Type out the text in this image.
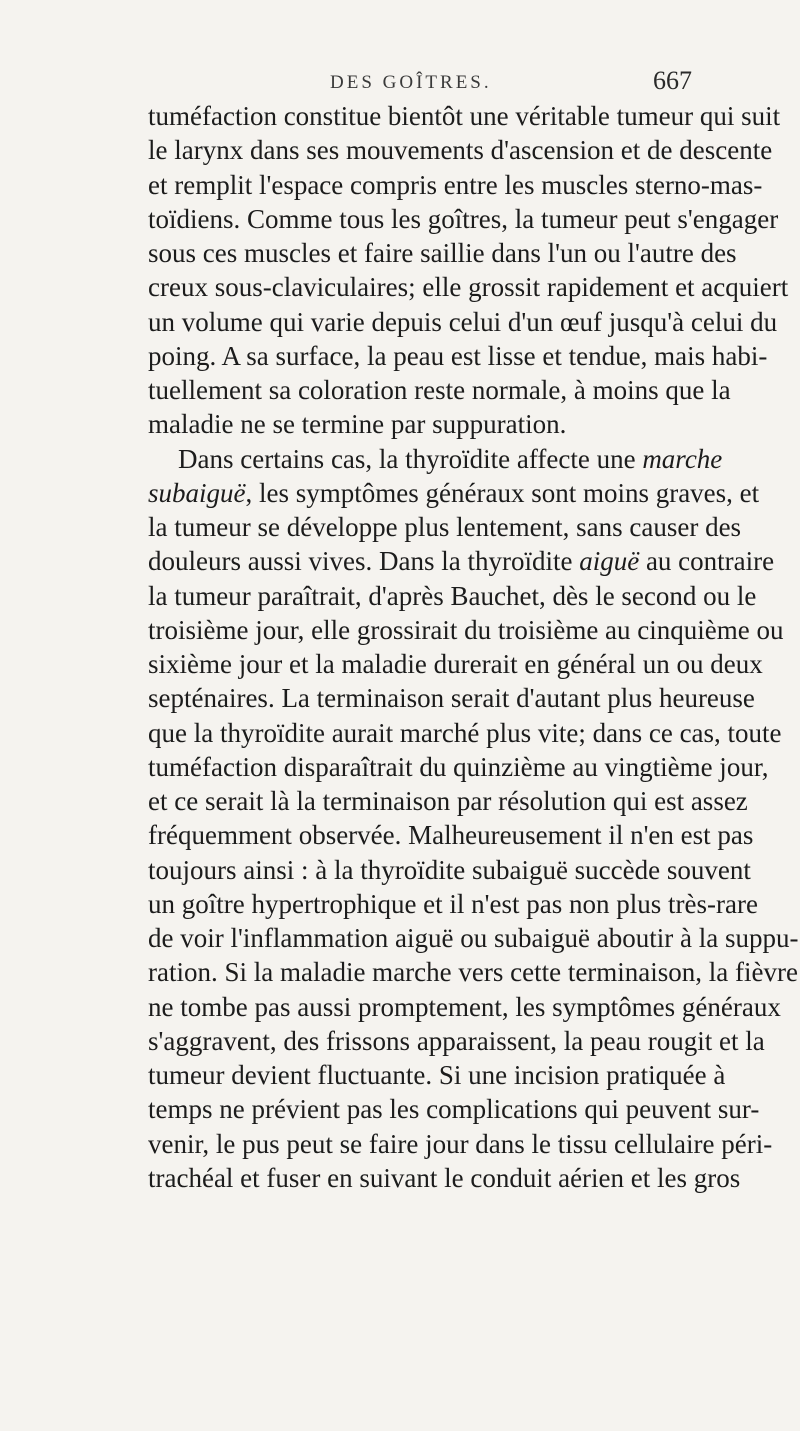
DES GOÎTRES.	667
tuméfaction constitue bientôt une véritable tumeur qui suit
le larynx dans ses mouvements d'ascension et de descente
et remplit l'espace compris entre les muscles sterno-mas-
toïdiens. Comme tous les goîtres, la tumeur peut s'engager
sous ces muscles et faire saillie dans l'un ou l'autre des
creux sous-claviculaires; elle grossit rapidement et acquiert
un volume qui varie depuis celui d'un œuf jusqu'à celui du
poing. A sa surface, la peau est lisse et tendue, mais habi-
tuellement sa coloration reste normale, à moins que la
maladie ne se termine par suppuration.
Dans certains cas, la thyroïdite affecte une marche
subaiguë, les symptômes généraux sont moins graves, et
la tumeur se développe plus lentement, sans causer des
douleurs aussi vives. Dans la thyroïdite aiguë au contraire
la tumeur paraîtrait, d'après Bauchet, dès le second ou le
troisième jour, elle grossirait du troisième au cinquième ou
sixième jour et la maladie durerait en général un ou deux
septénaires. La terminaison serait d'autant plus heureuse
que la thyroïdite aurait marché plus vite; dans ce cas, toute
tuméfaction disparaîtrait du quinzième au vingtième jour,
et ce serait là la terminaison par résolution qui est assez
fréquemment observée. Malheureusement il n'en est pas
toujours ainsi : à la thyroïdite subaiguë succède souvent
un goître hypertrophique et il n'est pas non plus très-rare
de voir l'inflammation aiguë ou subaiguë aboutir à la suppu-
ration. Si la maladie marche vers cette terminaison, la fièvre
ne tombe pas aussi promptement, les symptômes généraux
s'aggravent, des frissons apparaissent, la peau rougit et la
tumeur devient fluctuante. Si une incision pratiquée à
temps ne prévient pas les complications qui peuvent sur-
venir, le pus peut se faire jour dans le tissu cellulaire péri-
trachéal et fuser en suivant le conduit aérien et les gros
